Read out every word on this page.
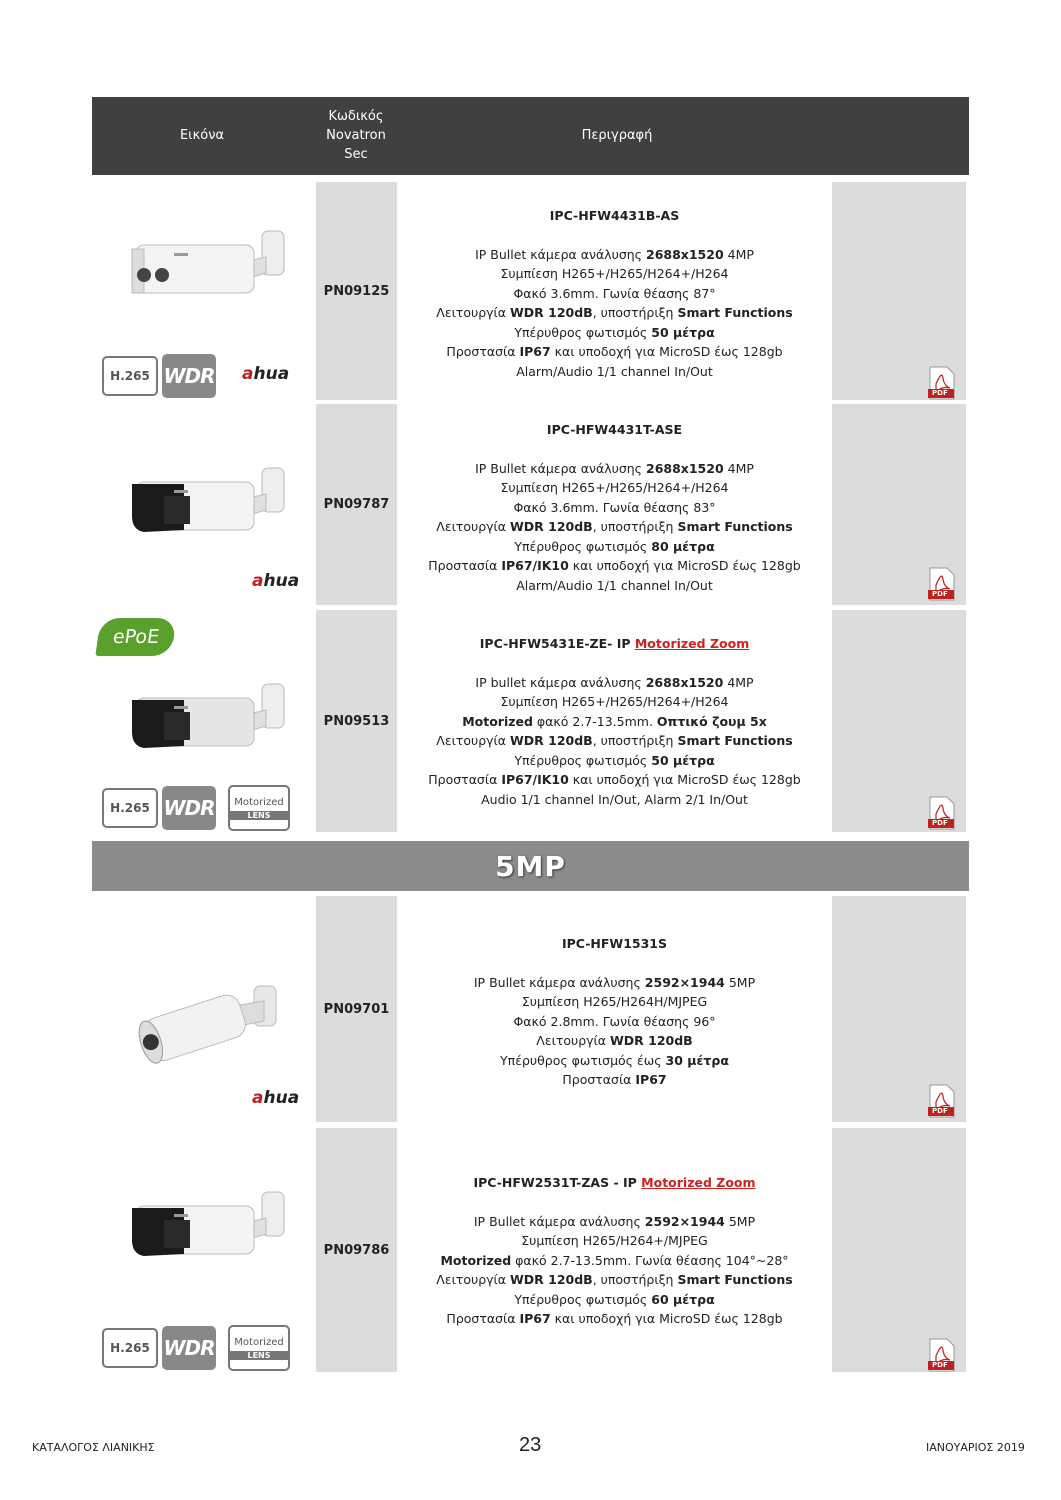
Εικόνα
Κωδικός
Novatron
Sec
Περιγραφή
H.265 WDR ahua
PN09125
IPC-HFW4431B-AS
IP Bullet κάμερα ανάλυσης 2688x1520 4MP
Συμπίεση H265+/H265/H264+/H264
Φακό 3.6mm. Γωνία θέασης 87°
Λειτουργία WDR 120dB, υποστήριξη Smart Functions
Υπέρυθρος φωτισμός 50 μέτρα
Προστασία IP67 και υποδοχή για MicroSD έως 128gb
Alarm/Audio 1/1 channel In/Out
PDF
ahua
PN09787
IPC-HFW4431T-ASE
IP Bullet κάμερα ανάλυσης 2688x1520 4MP
Συμπίεση H265+/H265/H264+/H264
Φακό 3.6mm. Γωνία θέασης 83°
Λειτουργία WDR 120dB, υποστήριξη Smart Functions
Υπέρυθρος φωτισμός 80 μέτρα
Προστασία IP67/IK10 και υποδοχή για MicroSD έως 128gb
Alarm/Audio 1/1 channel In/Out
PDF
ePoE
H.265 WDR Motorized
LENS
PN09513
IPC-HFW5431E-ZE- IP Motorized Zoom
IP bullet κάμερα ανάλυσης 2688x1520 4MP
Συμπίεση H265+/H265/H264+/H264
Motorized φακό 2.7-13.5mm. Οπτικό ζουμ 5x
Λειτουργία WDR 120dB, υποστήριξη Smart Functions
Υπέρυθρος φωτισμός 50 μέτρα
Προστασία IP67/IK10 και υποδοχή για MicroSD έως 128gb
Audio 1/1 channel In/Out, Alarm 2/1 In/Out
PDF
ahua
PN09701
IPC-HFW1531S
IP Bullet κάμερα ανάλυσης 2592×1944 5MP
Συμπίεση H265/H264H/MJPEG
Φακό 2.8mm. Γωνία θέασης 96°
Λειτουργία WDR 120dB
Υπέρυθρος φωτισμός έως 30 μέτρα
Προστασία IP67
PDF
H.265 WDR Motorized
LENS
PN09786
IPC-HFW2531T-ZAS - IP Motorized Zoom
IP Bullet κάμερα ανάλυσης 2592×1944 5MP
Συμπίεση H265/H264+/MJPEG
Motorized φακό 2.7-13.5mm. Γωνία θέασης 104°~28°
Λειτουργία WDR 120dB, υποστήριξη Smart Functions
Υπέρυθρος φωτισμός 60 μέτρα
Προστασία IP67 και υποδοχή για MicroSD έως 128gb
PDF
5MP
ΚΑΤΑΛΟΓΟΣ ΛΙΑΝΙΚΗΣ	23	ΙΑΝΟΥΑΡΙΟΣ 2019
